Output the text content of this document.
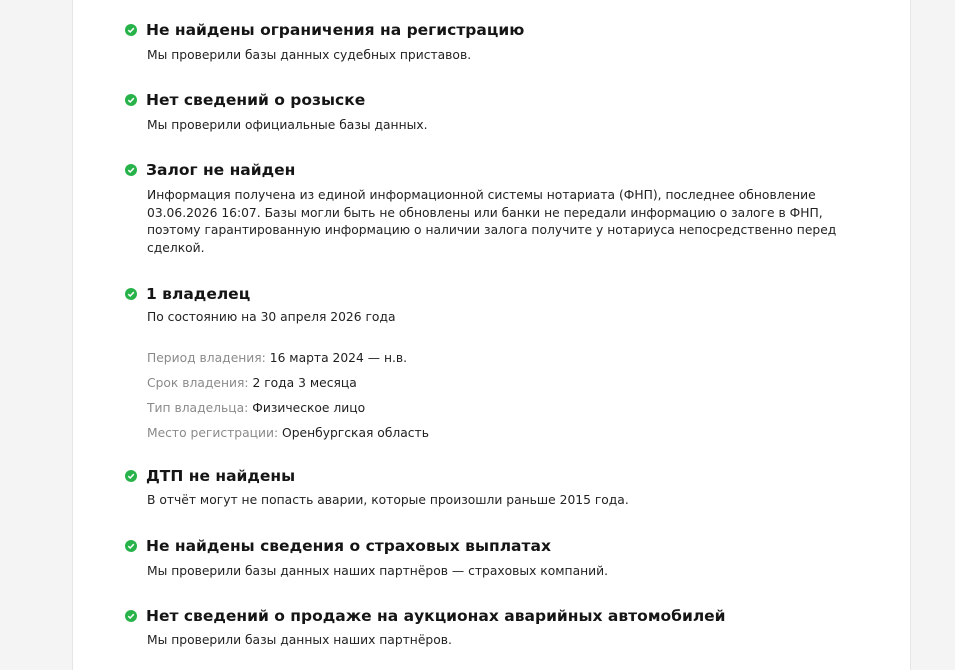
Не найдены ограничения на регистрацию
Мы проверили базы данных судебных приставов.
Нет сведений о розыске
Мы проверили официальные базы данных.
Залог не найден
Информация получена из единой информационной системы нотариата (ФНП), последнее обновление 03.06.2026 16:07. Базы могли быть не обновлены или банки не передали информацию о залоге в ФНП, поэтому гарантированную информацию о наличии залога получите у нотариуса непосредственно перед сделкой.
1 владелец
По состоянию на 30 апреля 2026 года
Период владения: 16 марта 2024 — н.в.
Срок владения: 2 года 3 месяца
Тип владельца: Физическое лицо
Место регистрации: Оренбургская область
ДТП не найдены
В отчёт могут не попасть аварии, которые произошли раньше 2015 года.
Не найдены сведения о страховых выплатах
Мы проверили базы данных наших партнёров — страховых компаний.
Нет сведений о продаже на аукционах аварийных автомобилей
Мы проверили базы данных наших партнёров.
